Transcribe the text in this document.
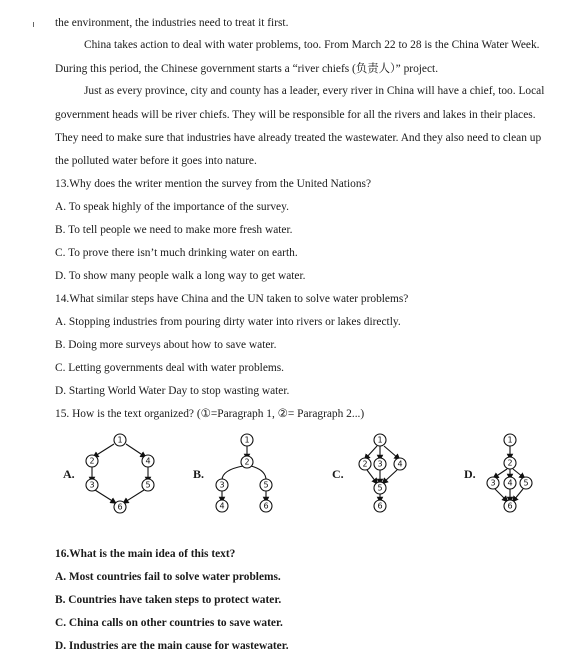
the environment, the industries need to treat it first.
China takes action to deal with water problems, too. From March 22 to 28 is the China Water Week.
During this period, the Chinese government starts a “river chiefs (负责人）” project.
Just as every province, city and county has a leader, every river in China will have a chief, too. Local
government heads will be river chiefs. They will be responsible for all the rivers and lakes in their places.
They need to make sure that industries have already treated the wastewater. And they also need to clean up
the polluted water before it goes into nature.
13.Why does the writer mention the survey from the United Nations?
A. To speak highly of the importance of the survey.
B. To tell people we need to make more fresh water.
C. To prove there isn’t much drinking water on earth.
D. To show many people walk a long way to get water.
14.What similar steps have China and the UN taken to solve water problems?
A. Stopping industries from pouring dirty water into rivers or lakes directly.
B. Doing more surveys about how to save water.
C. Letting governments deal with water problems.
D. Starting World Water Day to stop wasting water.
15. How is the text organized? (①=Paragraph 1, ②= Paragraph 2...)
A.	B.	C.	D.
1
2	4
3	5
6
1
2
3	5
4	6
1
2 3 4
5
6
1
2
3 4 5
6
16.What is the main idea of this text?
A. Most countries fail to solve water problems.
B. Countries have taken steps to protect water.
C. China calls on other countries to save water.
D. Industries are the main cause for wastewater.
